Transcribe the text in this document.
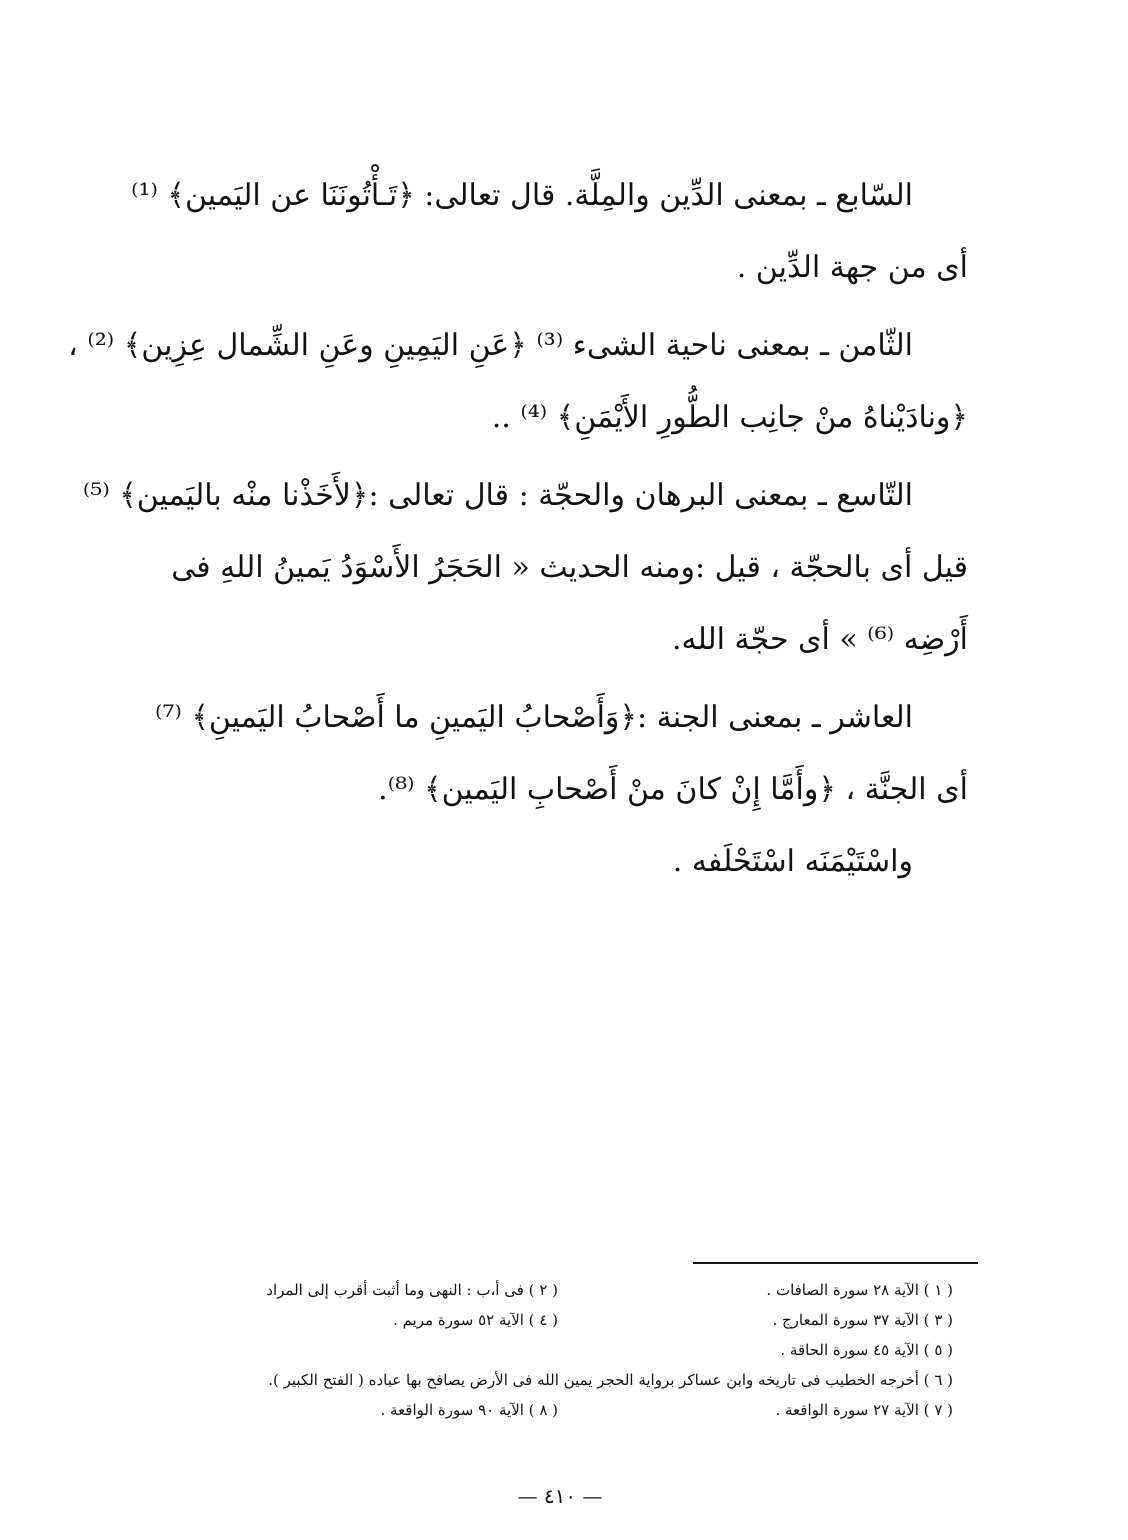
السّابع ـ بمعنى الدِّين والمِلَّة. قال تعالى: ﴿تَـأْتُونَنَا عن اليَمين﴾ ⁽¹⁾
أى من جهة الدِّين .
الثّامن ـ بمعنى ناحية الشىء ⁽³⁾ ﴿عَنِ اليَمِينِ وعَنِ الشِّمال عِزِين﴾ ⁽²⁾ ،
﴿ونادَيْناهُ منْ جانِب الطُّورِ الأَيْمَنِ﴾ ⁽⁴⁾ ..
التّاسع ـ بمعنى البرهان والحجّة : قال تعالى :﴿لأَخَذْنا منْه باليَمين﴾ ⁽⁵⁾
قيل أى بالحجّة ، قيل :ومنه الحديث « الحَجَرُ الأَسْوَدُ يَمينُ اللهِ فى
أَرْضِه ⁽⁶⁾ » أى حجّة الله.
العاشر ـ بمعنى الجنة :﴿وَأَصْحابُ اليَمينِ ما أَصْحابُ اليَمينِ﴾ ⁽⁷⁾
أى الجنَّة ، ﴿وأَمَّا إِنْ كانَ منْ أَصْحابِ اليَمين﴾ ⁽⁸⁾.
واسْتَيْمَنَه اسْتَحْلَفه .
( ١ ) الآية ٢٨ سورة الصافات .
( ٢ ) فى أ،ب : النهى وما أثبت أقرب إلى المراد
( ٣ ) الآية ٣٧ سورة المعارج .
( ٤ ) الآية ٥٢ سورة مريم .
( ٥ ) الآية ٤٥ سورة الحاقة .
( ٦ ) أخرجه الخطيب فى تاريخه وابن عساكر برواية الحجر يمين الله فى الأرض يصافح بها عباده ( الفتح الكبير ).
( ٧ ) الآية ٢٧ سورة الواقعة .
( ٨ ) الآية ٩٠ سورة الواقعة .
— ٤١٠ —
